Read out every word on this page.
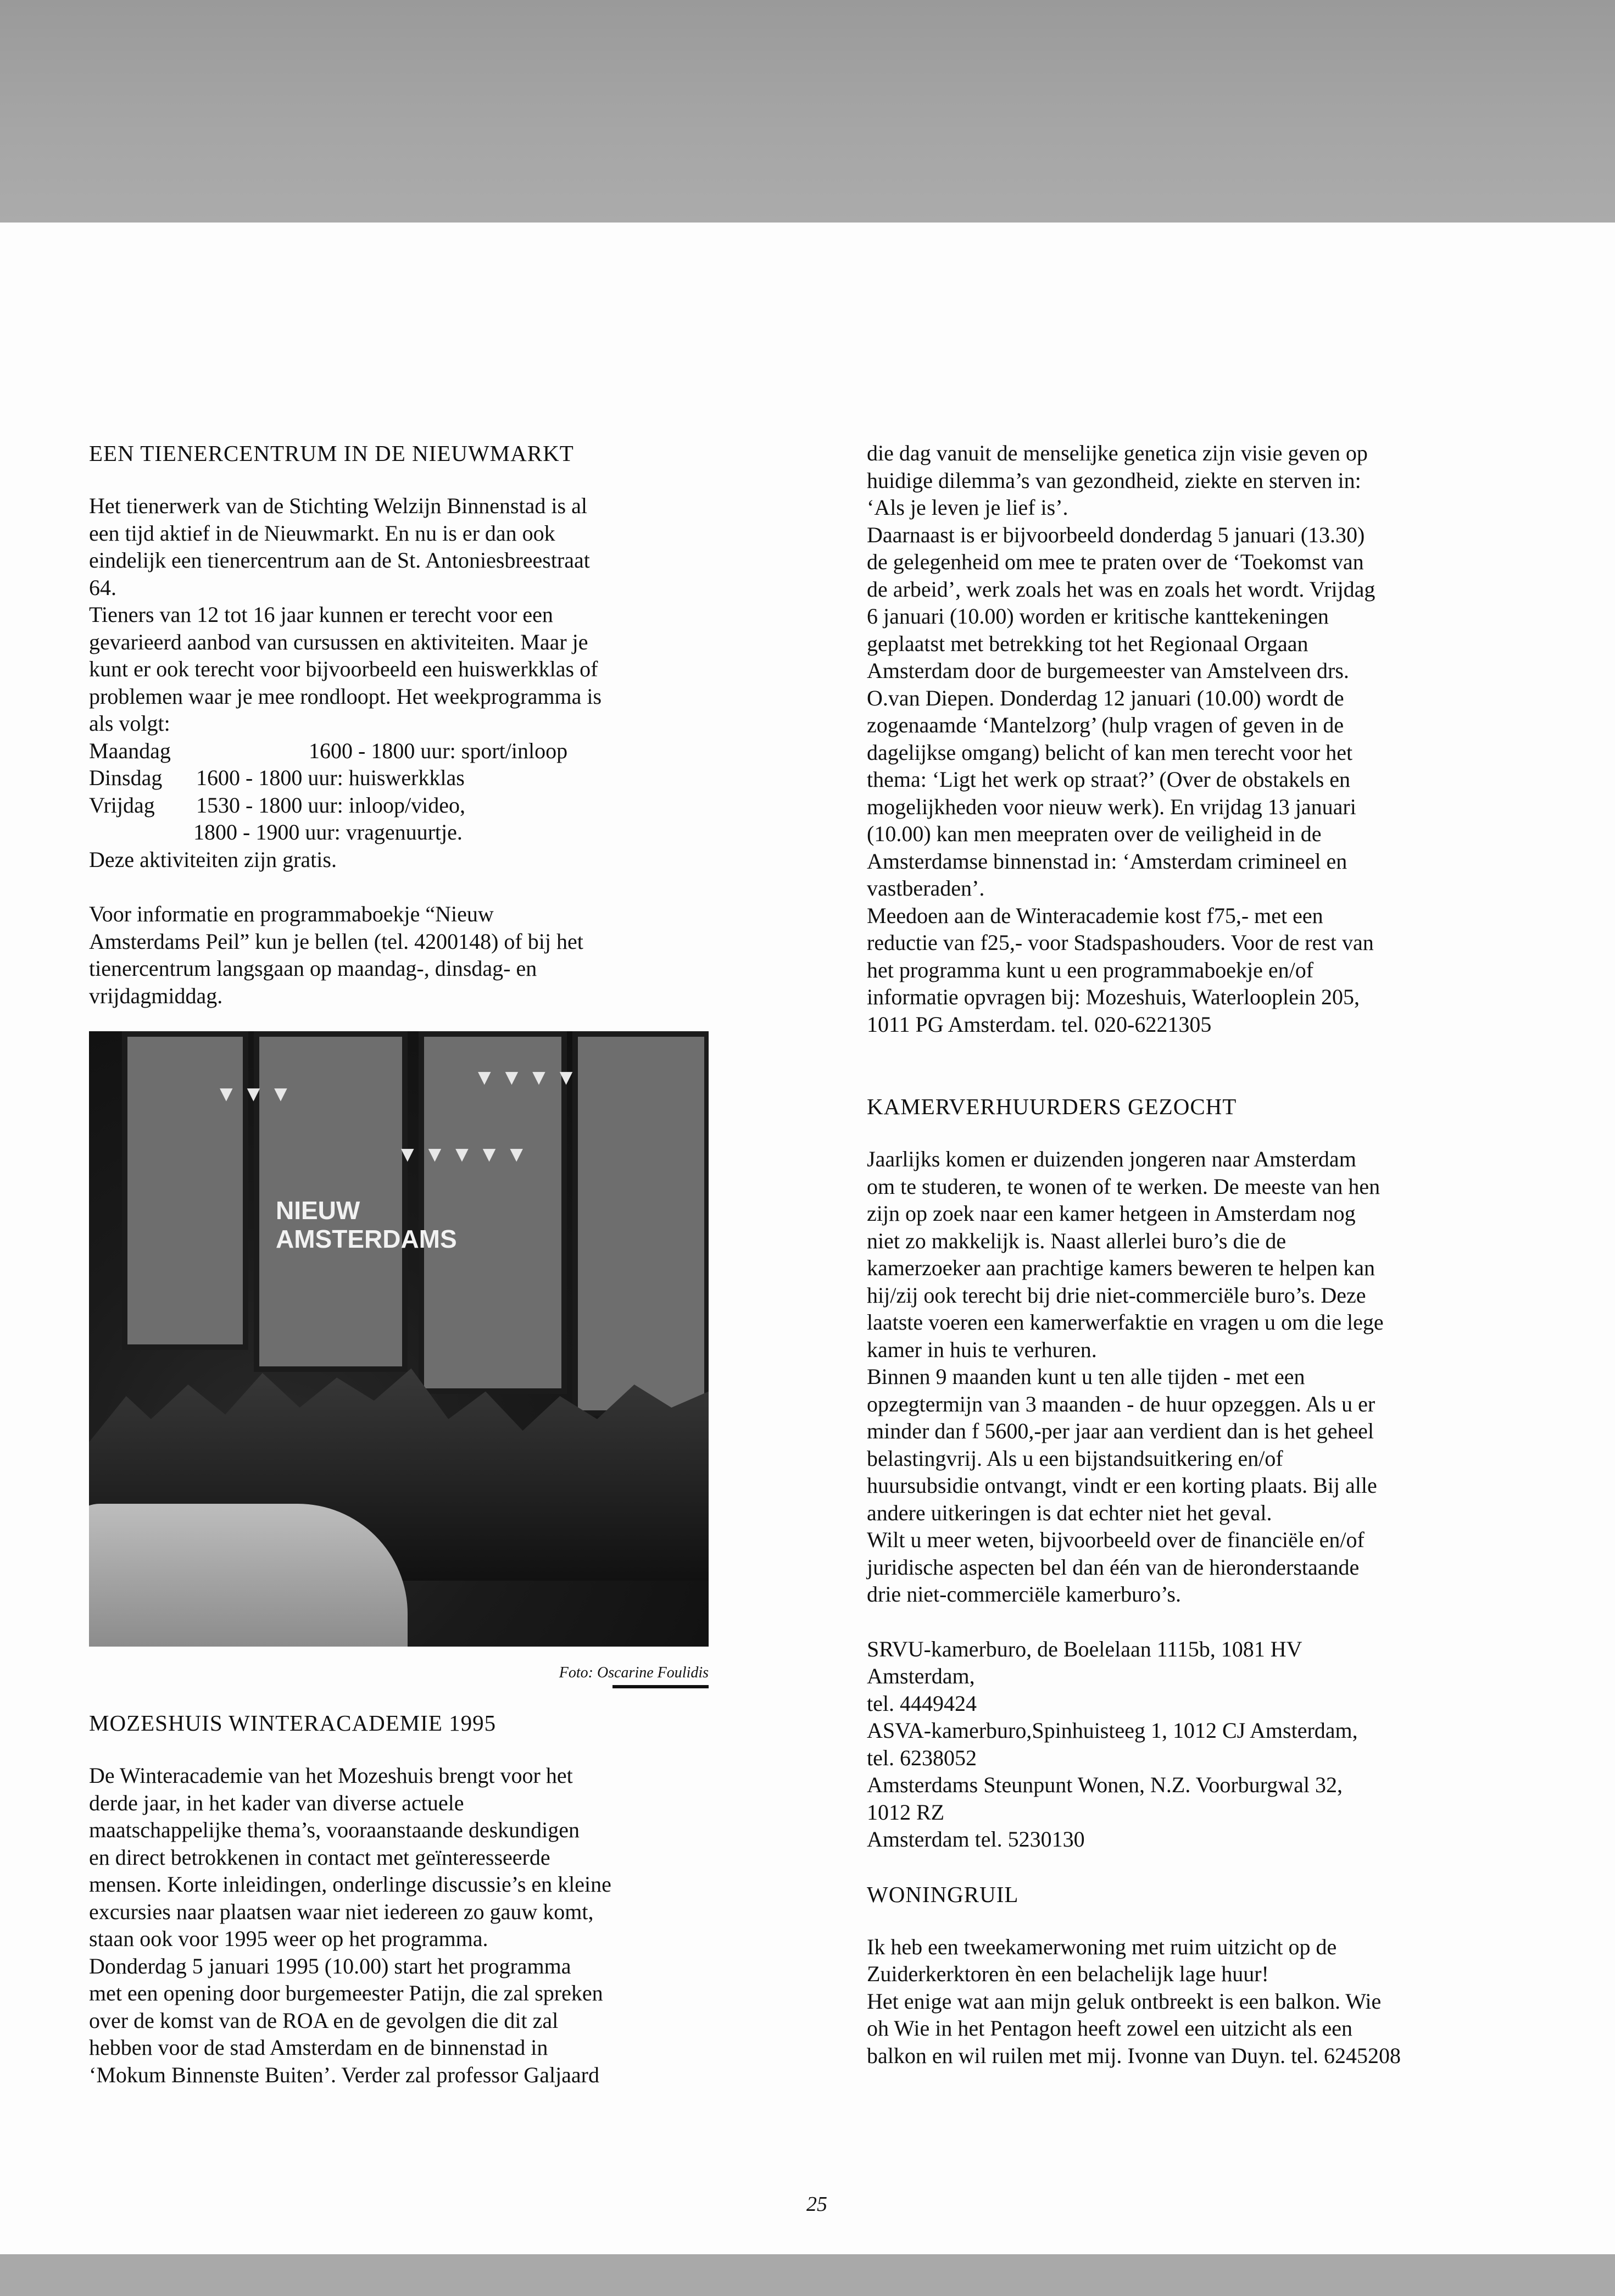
EEN TIENERCENTRUM IN DE NIEUWMARKT

Het tienerwerk van de Stichting Welzijn Binnenstad is al
een tijd aktief in de Nieuwmarkt. En nu is er dan ook
eindelijk een tienercentrum aan de St. Antoniesbreestraat
64.
Tieners van 12 tot 16 jaar kunnen er terecht voor een
gevarieerd aanbod van cursussen en aktiviteiten. Maar je
kunt er ook terecht voor bijvoorbeeld een huiswerkklas of
problemen waar je mee rondloopt. Het weekprogramma is
als volgt:

Maandag	1600 - 1800 uur: sport/inloop
Dinsdag	1600 - 1800 uur: huiswerkklas
Vrijdag	1530 - 1800 uur: inloop/video,
1800 - 1900 uur: vragenuurtje.

Deze aktiviteiten zijn gratis.

Voor informatie en programmaboekje “Nieuw
Amsterdams Peil” kun je bellen (tel. 4200148) of bij het
tienercentrum langsgaan op maandag-, dinsdag- en
vrijdagmiddag.

▼ ▼ ▼
▼ ▼ ▼ ▼
▼ ▼ ▼ ▼ ▼
NIEUW
AMSTERDAMS
Foto: Oscarine Foulidis
MOZESHUIS WINTERACADEMIE 1995

De Winteracademie van het Mozeshuis brengt voor het
derde jaar, in het kader van diverse actuele
maatschappelijke thema’s, vooraanstaande deskundigen
en direct betrokkenen in contact met geïnteresseerde
mensen. Korte inleidingen, onderlinge discussie’s en kleine
excursies naar plaatsen waar niet iedereen zo gauw komt,
staan ook voor 1995 weer op het programma.
Donderdag 5 januari 1995 (10.00) start het programma
met een opening door burgemeester Patijn, die zal spreken
over de komst van de ROA en de gevolgen die dit zal
hebben voor de stad Amsterdam en de binnenstad in
‘Mokum Binnenste Buiten’. Verder zal professor Galjaard

die dag vanuit de menselijke genetica zijn visie geven op
huidige dilemma’s van gezondheid, ziekte en sterven in:
‘Als je leven je lief is’.
Daarnaast is er bijvoorbeeld donderdag 5 januari (13.30)
de gelegenheid om mee te praten over de ‘Toekomst van
de arbeid’, werk zoals het was en zoals het wordt. Vrijdag
6 januari (10.00) worden er kritische kanttekeningen
geplaatst met betrekking tot het Regionaal Orgaan
Amsterdam door de burgemeester van Amstelveen drs.
O.van Diepen. Donderdag 12 januari (10.00) wordt de
zogenaamde ‘Mantelzorg’ (hulp vragen of geven in de
dagelijkse omgang) belicht of kan men terecht voor het
thema: ‘Ligt het werk op straat?’ (Over de obstakels en
mogelijkheden voor nieuw werk). En vrijdag 13 januari
(10.00) kan men meepraten over de veiligheid in de
Amsterdamse binnenstad in: ‘Amsterdam crimineel en
vastberaden’.
Meedoen aan de Winteracademie kost f75,- met een
reductie van f25,- voor Stadspashouders. Voor de rest van
het programma kunt u een programmaboekje en/of
informatie opvragen bij: Mozeshuis, Waterlooplein 205,
1011 PG Amsterdam. tel. 020-6221305

KAMERVERHUURDERS GEZOCHT

Jaarlijks komen er duizenden jongeren naar Amsterdam
om te studeren, te wonen of te werken. De meeste van hen
zijn op zoek naar een kamer hetgeen in Amsterdam nog
niet zo makkelijk is. Naast allerlei buro’s die de
kamerzoeker aan prachtige kamers beweren te helpen kan
hij/zij ook terecht bij drie niet-commerciële buro’s. Deze
laatste voeren een kamerwerfaktie en vragen u om die lege
kamer in huis te verhuren.
Binnen 9 maanden kunt u ten alle tijden - met een
opzegtermijn van 3 maanden - de huur opzeggen. Als u er
minder dan f 5600,-per jaar aan verdient dan is het geheel
belastingvrij. Als u een bijstandsuitkering en/of
huursubsidie ontvangt, vindt er een korting plaats. Bij alle
andere uitkeringen is dat echter niet het geval.
Wilt u meer weten, bijvoorbeeld over de financiële en/of
juridische aspecten bel dan één van de hieronderstaande
drie niet-commerciële kamerburo’s.

SRVU-kamerburo, de Boelelaan 1115b, 1081 HV
Amsterdam,
tel. 4449424
ASVA-kamerburo,Spinhuisteeg 1, 1012 CJ Amsterdam,
tel. 6238052
Amsterdams Steunpunt Wonen, N.Z. Voorburgwal 32,
1012 RZ
Amsterdam tel. 5230130

WONINGRUIL

Ik heb een tweekamerwoning met ruim uitzicht op de
Zuiderkerktoren èn een belachelijk lage huur!
Het enige wat aan mijn geluk ontbreekt is een balkon. Wie
oh Wie in het Pentagon heeft zowel een uitzicht als een
balkon en wil ruilen met mij. Ivonne van Duyn. tel. 6245208

25
